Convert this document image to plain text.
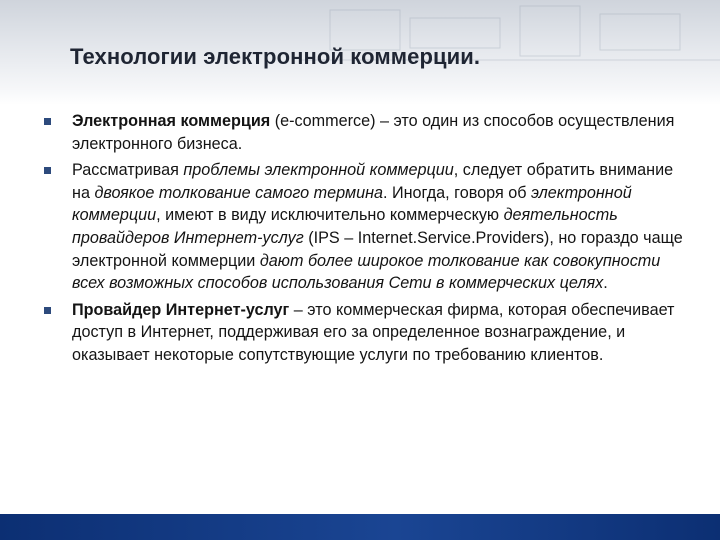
Технологии электронной коммерции.
Электронная коммерция (e-commerce) – это один из способов осуществления электронного бизнеса.
Рассматривая проблемы электронной коммерции, следует обратить внимание на двоякое толкование самого термина. Иногда, говоря об электронной коммерции, имеют в виду исключительно коммерческую деятельность провайдеров Интернет-услуг (IPS – Internet.Service.Providers), но гораздо чаще электронной коммерции дают более широкое толкование как совокупности всех возможных способов использования Сети в коммерческих целях.
Провайдер Интернет-услуг – это коммерческая фирма, которая обеспечивает доступ в Интернет, поддерживая его за определенное вознаграждение, и оказывает некоторые сопутствующие услуги по требованию клиентов.
